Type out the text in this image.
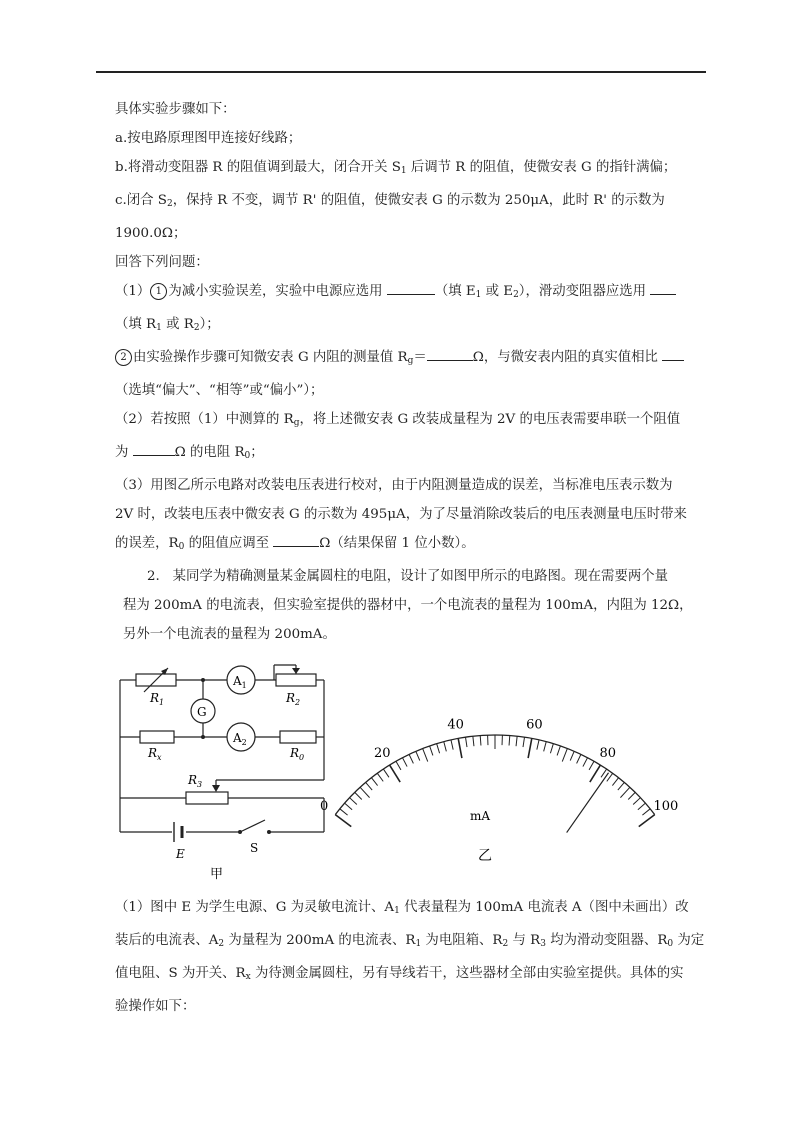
具体实验步骤如下：
a.按电路原理图甲连接好线路；
b.将滑动变阻器 R 的阻值调到最大，闭合开关 $S_1$ 后调节 R 的阻值，使微安表 G 的指针满偏；
c.闭合 $S_2$，保持 R 不变，调节 R' 的阻值，使微安表 G 的示数为 250μA，此时 R' 的示数为
1900.0Ω；
回答下列问题：
（1） 1 为减小实验误差，实验中电源应选用	（填 $E_1$ 或 $E_2$），滑动变阻器应选用
（填 $R_1$ 或 $R_2$）；
2 由实验操作步骤可知微安表 G 内阻的测量值 $R_g=$	Ω，与微安表内阻的真实值相比
（选填“偏大”、“相等”或“偏小”）；
（2）若按照（1）中测算的 $R_g$，将上述微安表 G 改装成量程为 2V 的电压表需要串联一个阻值
为	Ω 的电阻 $R_0$；
（3）用图乙所示电路对改装电压表进行校对，由于内阻测量造成的误差，当标准电压表示数为
2V 时，改装电压表中微安表 G 的示数为 495μA，为了尽量消除改装后的电压表测量电压时带来
的误差，$R_0$ 的阻值应调至	Ω（结果保留 1 位小数）。
2. 某同学为精确测量某金属圆柱的电阻，设计了如图甲所示的电路图。现在需要两个量
程为 200mA 的电流表，但实验室提供的器材中，一个电流表的量程为 100mA，内阻为 12Ω，
另外一个电流表的量程为 200mA。
$R_1$
$A_1$
$R_2$
G
$R_x$
$A_2$
$R_0$
$R_3$
E	S
甲
0
20
40	60
80
100
mA
乙
（1）图中 E 为学生电源、G 为灵敏电流计、$A_1$ 代表量程为 100mA 电流表 A（图中未画出）改
装后的电流表、$A_2$ 为量程为 200mA 的电流表、$R_1$ 为电阻箱、$R_2$ 与 $R_3$ 均为滑动变阻器、$R_0$ 为定
值电阻、S 为开关、$R_x$ 为待测金属圆柱，另有导线若干，这些器材全部由实验室提供。具体的实
验操作如下：
